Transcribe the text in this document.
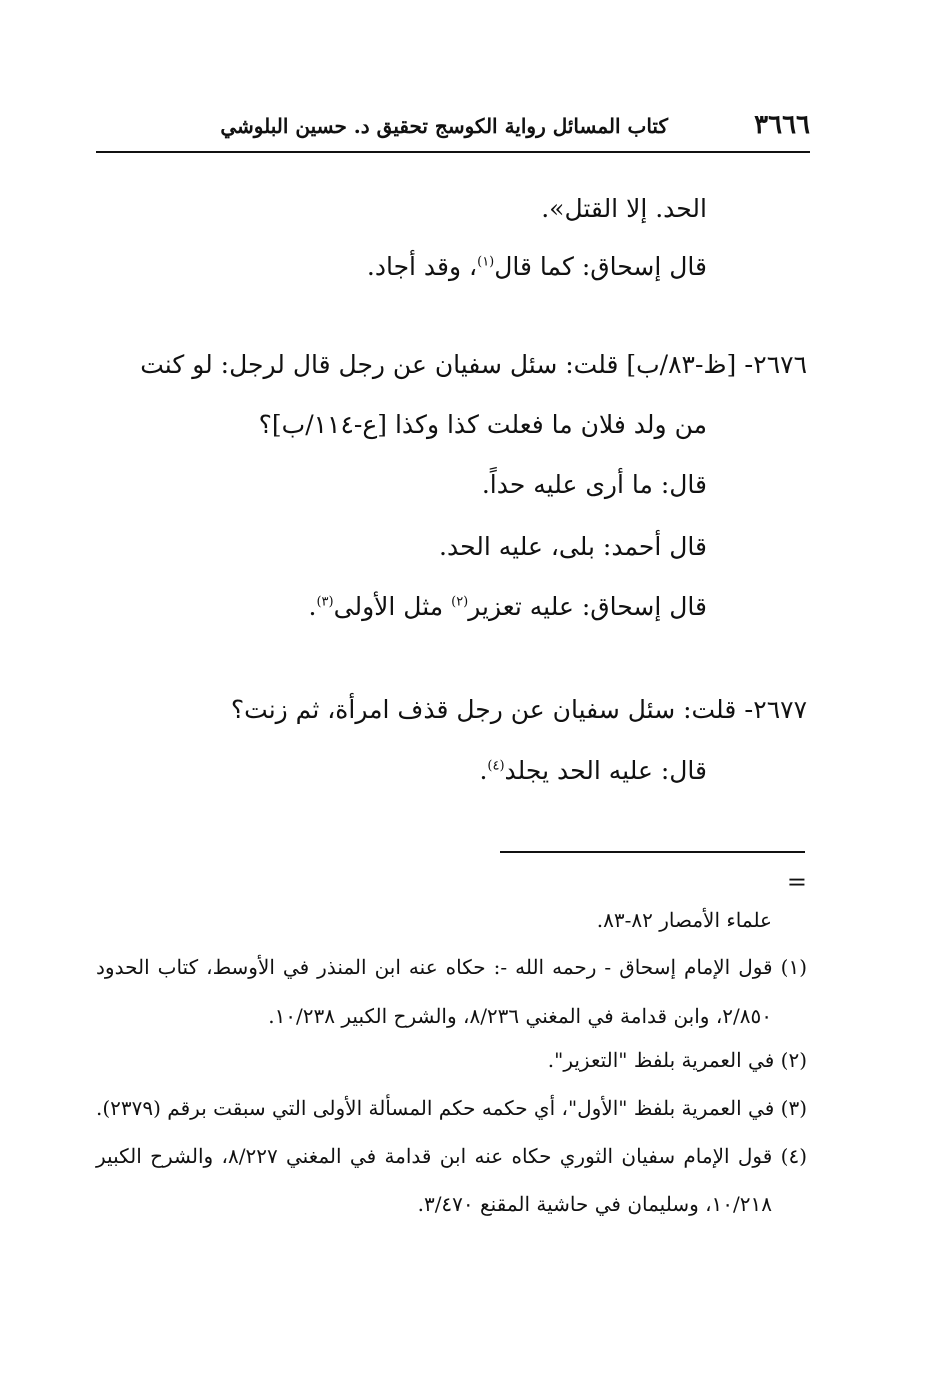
٣٦٦٦
كتاب المسائل رواية الكوسج تحقيق د. حسين البلوشي
الحد. إلا القتل».
قال إسحاق: كما قال$^{(١)}$، وقد أجاد.
٢٦٧٦- [ظ-٨٣/ب] قلت: سئل سفيان عن رجل قال لرجل: لو كنت
من ولد فلان ما فعلت كذا وكذا [ع-١١٤/ب]؟
قال: ما أرى عليه حداً.
قال أحمد: بلى، عليه الحد.
قال إسحاق: عليه تعزير$^{(٢)}$ مثل الأولى$^{(٣)}$.
٢٦٧٧- قلت: سئل سفيان عن رجل قذف امرأة، ثم زنت؟
قال: عليه الحد يجلد$^{(٤)}$.
=
علماء الأمصار ٨٢-٨٣.
(١) قول الإمام إسحاق - رحمه الله -: حكاه عنه ابن المنذر في الأوسط، كتاب الحدود
٢/٨٥٠، وابن قدامة في المغني ٨/٢٣٦، والشرح الكبير ١٠/٢٣٨.
(٢) في العمرية بلفظ "التعزير".
(٣) في العمرية بلفظ "الأول"، أي حكمه حكم المسألة الأولى التي سبقت برقم (٢٣٧٩).
(٤) قول الإمام سفيان الثوري حكاه عنه ابن قدامة في المغني ٨/٢٢٧، والشرح الكبير
١٠/٢١٨، وسليمان في حاشية المقنع ٣/٤٧٠.
